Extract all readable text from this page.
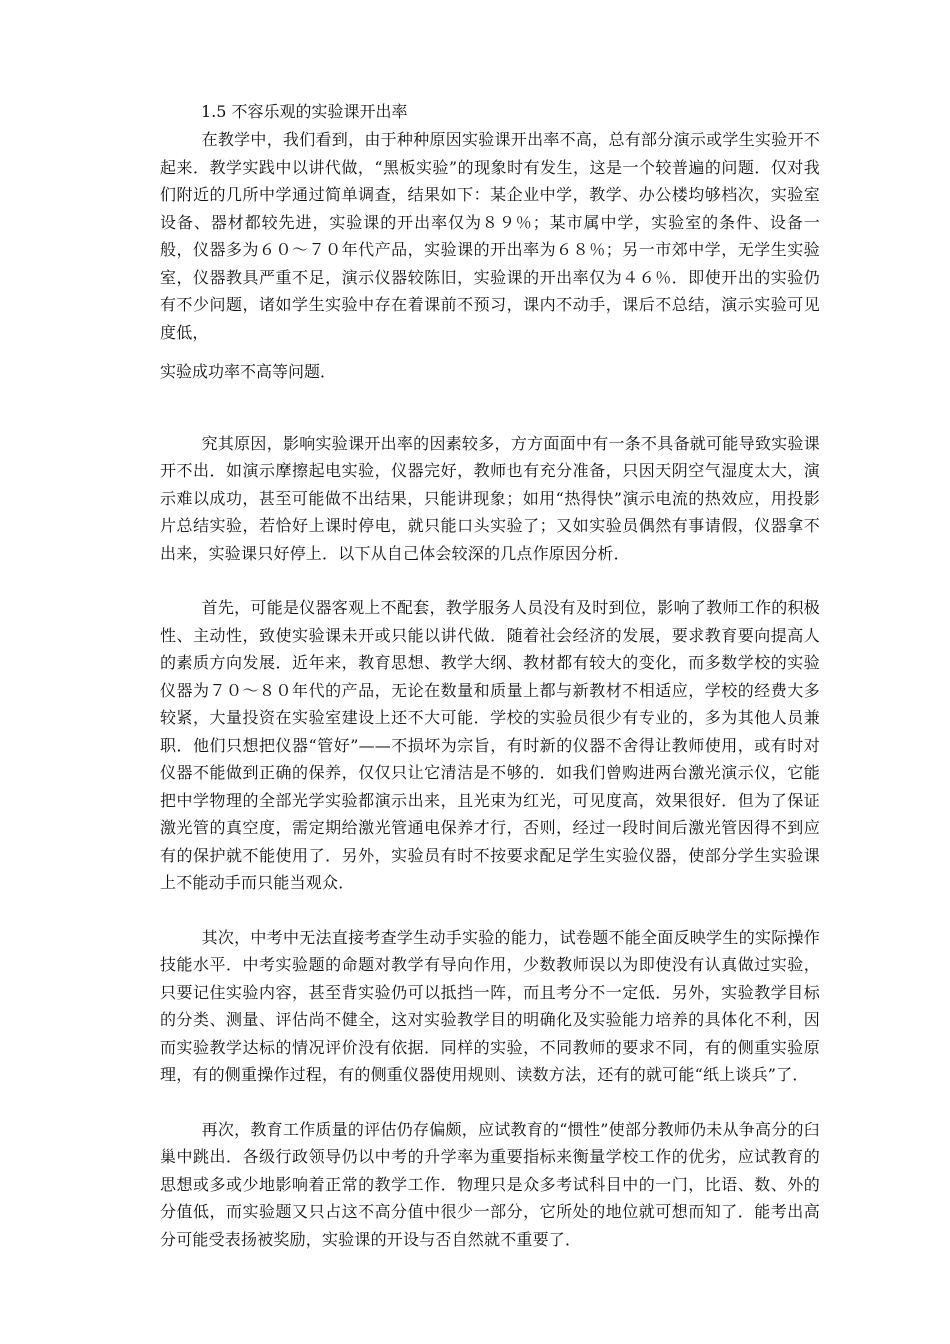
1.5 不容乐观的实验课开出率

在教学中，我们看到，由于种种原因实验课开出率不高，总有部分演示或学生实验开不起来．教学实践中以讲代做，“黑板实验”的现象时有发生，这是一个较普遍的问题．仅对我们附近的几所中学通过简单调查，结果如下：某企业中学，教学、办公楼均够档次，实验室设备、器材都较先进，实验课的开出率仅为８９％；某市属中学，实验室的条件、设备一般，仪器多为６０～７０年代产品，实验课的开出率为６８％；另一市郊中学，无学生实验室，仪器教具严重不足，演示仪器较陈旧，实验课的开出率仅为４６％．即使开出的实验仍有不少问题，诸如学生实验中存在着课前不预习，课内不动手，课后不总结，演示实验可见度低，

实验成功率不高等问题．

究其原因，影响实验课开出率的因素较多，方方面面中有一条不具备就可能导致实验课开不出．如演示摩擦起电实验，仪器完好，教师也有充分准备，只因天阴空气湿度太大，演示难以成功，甚至可能做不出结果，只能讲现象；如用“热得快”演示电流的热效应，用投影片总结实验，若恰好上课时停电，就只能口头实验了；又如实验员偶然有事请假，仪器拿不出来，实验课只好停上．以下从自己体会较深的几点作原因分析．

首先，可能是仪器客观上不配套，教学服务人员没有及时到位，影响了教师工作的积极性、主动性，致使实验课未开或只能以讲代做．随着社会经济的发展，要求教育要向提高人的素质方向发展．近年来，教育思想、教学大纲、教材都有较大的变化，而多数学校的实验仪器为７０～８０年代的产品，无论在数量和质量上都与新教材不相适应，学校的经费大多较紧，大量投资在实验室建设上还不大可能．学校的实验员很少有专业的，多为其他人员兼职．他们只想把仪器“管好”——不损坏为宗旨，有时新的仪器不舍得让教师使用，或有时对仪器不能做到正确的保养，仅仅只让它清洁是不够的．如我们曾购进两台激光演示仪，它能把中学物理的全部光学实验都演示出来，且光束为红光，可见度高，效果很好．但为了保证激光管的真空度，需定期给激光管通电保养才行，否则，经过一段时间后激光管因得不到应有的保护就不能使用了．另外，实验员有时不按要求配足学生实验仪器，使部分学生实验课上不能动手而只能当观众．

其次，中考中无法直接考查学生动手实验的能力，试卷题不能全面反映学生的实际操作技能水平．中考实验题的命题对教学有导向作用，少数教师误以为即使没有认真做过实验，只要记住实验内容，甚至背实验仍可以抵挡一阵，而且考分不一定低．另外，实验教学目标的分类、测量、评估尚不健全，这对实验教学目的明确化及实验能力培养的具体化不利，因而实验教学达标的情况评价没有依据．同样的实验，不同教师的要求不同，有的侧重实验原理，有的侧重操作过程，有的侧重仪器使用规则、读数方法，还有的就可能“纸上谈兵”了．

再次，教育工作质量的评估仍存偏颇，应试教育的“惯性”使部分教师仍未从争高分的臼巢中跳出．各级行政领导仍以中考的升学率为重要指标来衡量学校工作的优劣，应试教育的思想或多或少地影响着正常的教学工作．物理只是众多考试科目中的一门，比语、数、外的分值低，而实验题又只占这不高分值中很少一部分，它所处的地位就可想而知了．能考出高分可能受表扬被奖励，实验课的开设与否自然就不重要了．
